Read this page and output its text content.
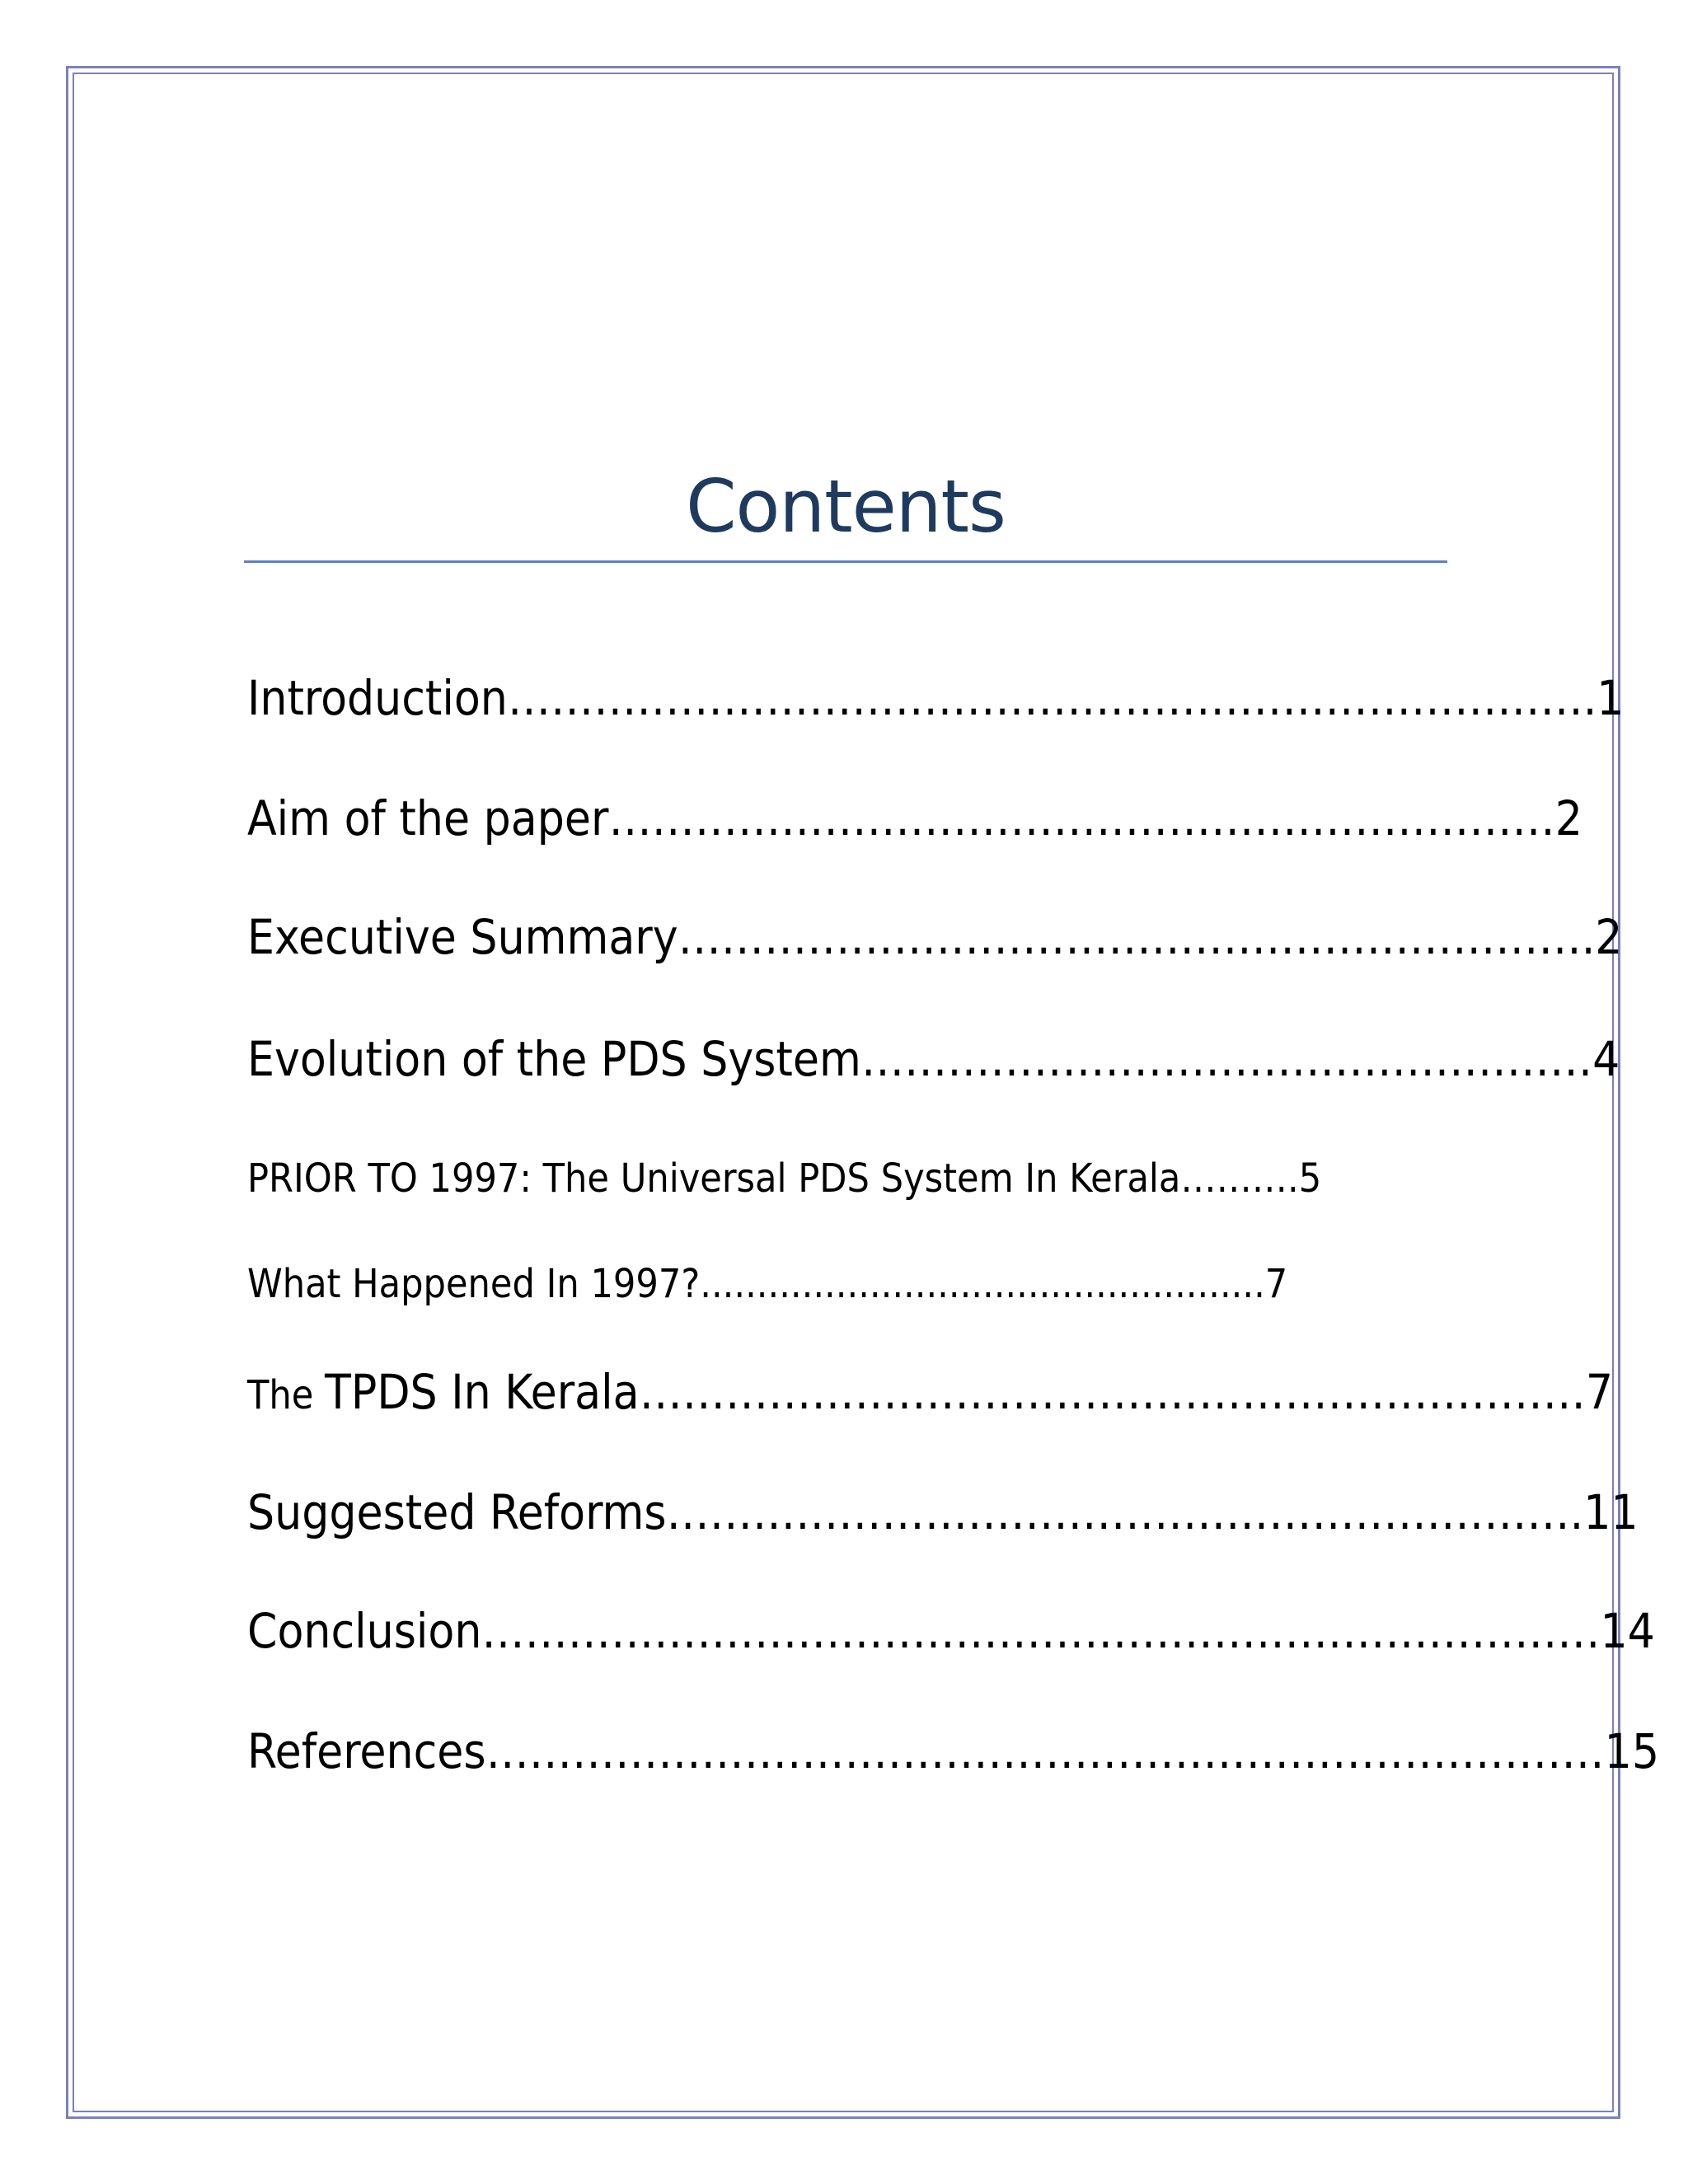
Contents
Introduction………………………………………………………………….1
Aim of the paper…………………………………………………………2
Executive Summary……………………………………………………….2
Evolution of the PDS System……………………………………………4
PRIOR TO 1997: The Universal PDS System In Kerala……….5
What Happened In 1997?..................................................7
The TPDS In Kerala…………………………………………………………7
Suggested Reforms……………………………………………………….11
Conclusion……………………………………………………………………14
References……………………………………………………………………15
